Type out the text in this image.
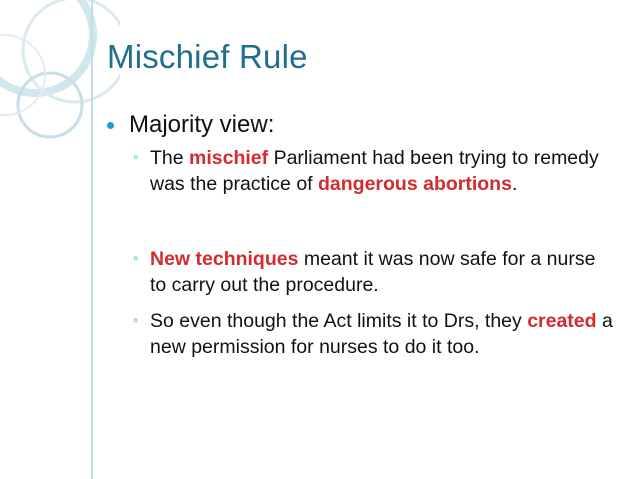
Mischief Rule
Majority view:
◦ The mischief Parliament had been trying to remedy was the practice of dangerous abortions.
◦ New techniques meant it was now safe for a nurse to carry out the procedure.
◦ So even though the Act limits it to Drs, they created a new permission for nurses to do it too.
